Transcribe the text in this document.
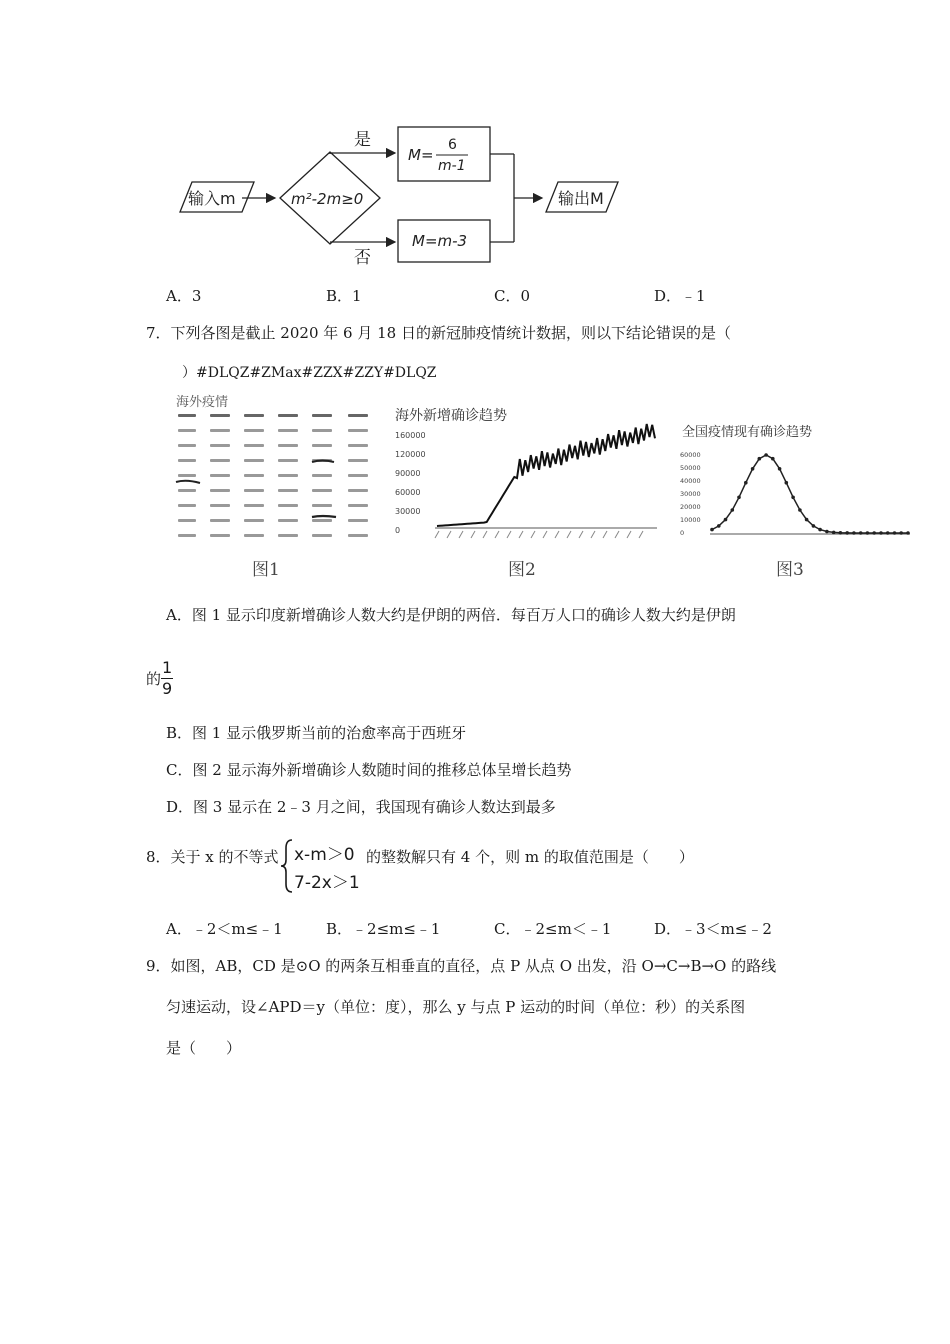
输入m	m²-2m≥0
是
否
M=
6
m-1
M=m-3
输出M
A．3	B．1	C．0	D．﹣1
7．下列各图是截止 2020 年 6 月 18 日的新冠肺疫情统计数据，则以下结论错误的是（
）#DLQZ#ZMax#ZZX#ZZY#DLQZ
海外疫情
图1
海外新增确诊趋势
160000
120000
90000
60000
30000
0
图2
全国疫情现有确诊趋势
60000
50000
40000
30000
20000
10000
0
图3
A．图 1 显示印度新增确诊人数大约是伊朗的两倍．每百万人口的确诊人数大约是伊朗
的 $\frac{1}{9}$
B．图 1 显示俄罗斯当前的治愈率高于西班牙
C．图 2 显示海外新增确诊人数随时间的推移总体呈增长趋势
D．图 3 显示在 2﹣3 月之间，我国现有确诊人数达到最多
8．关于 x 的不等式 x-m＞0
7-2x＞1
的整数解只有 4 个，则 m 的取值范围是（　　）
A．﹣2＜m≤﹣1	B．﹣2≤m≤﹣1	C．﹣2≤m＜﹣1	D．﹣3＜m≤﹣2
9．如图，AB，CD 是⊙O 的两条互相垂直的直径，点 P 从点 O 出发，沿 O→C→B→O 的路线
匀速运动，设∠APD＝y（单位：度），那么 y 与点 P 运动的时间（单位：秒）的关系图
是（　　）
